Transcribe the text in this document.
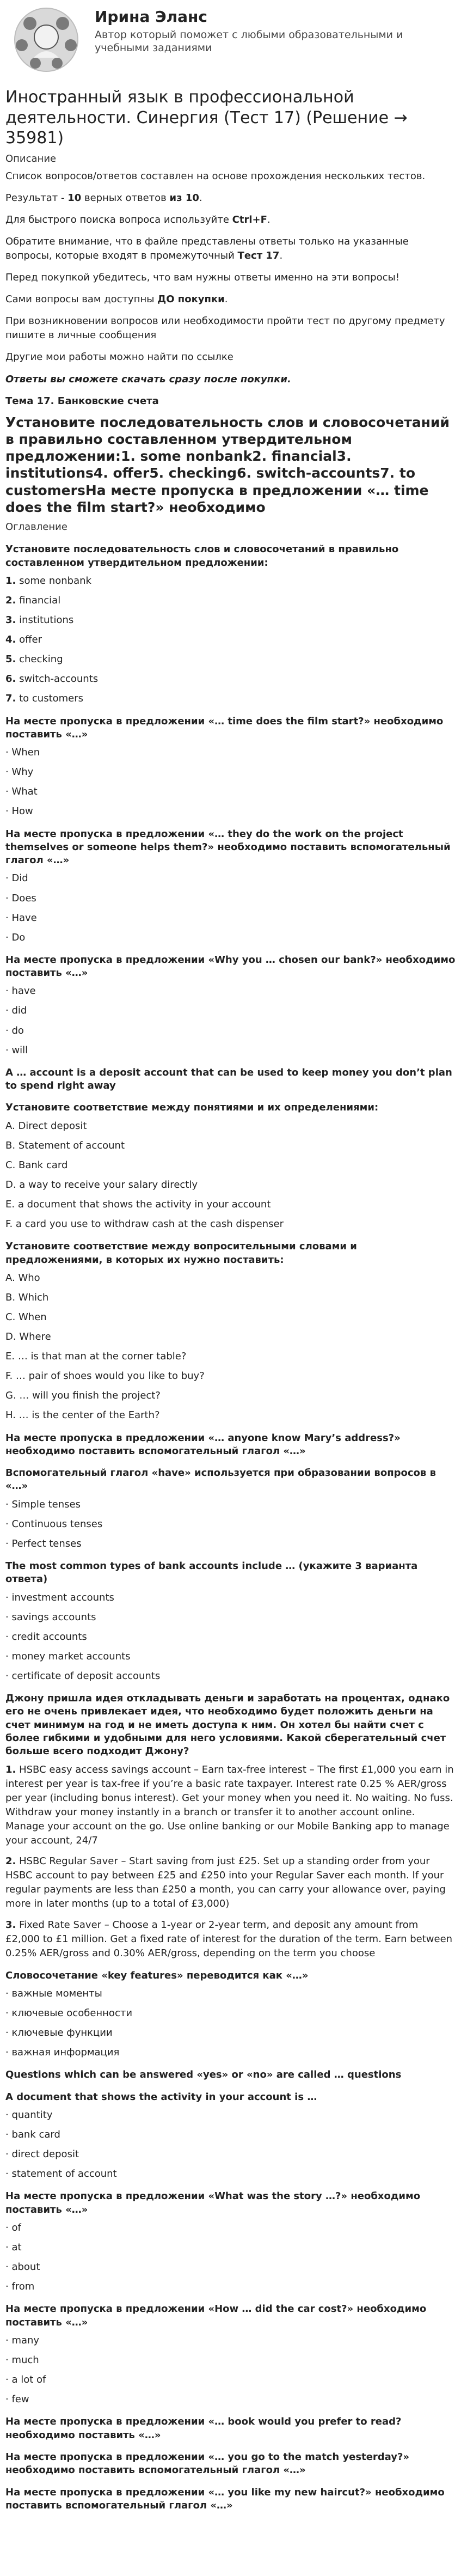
Ирина Эланс
Автор который поможет с любыми образовательными и учебными заданиями
Иностранный язык в профессиональной деятельности. Синергия (Тест 17) (Решение → 35981)
Описание
Список вопросов/ответов составлен на основе прохождения нескольких тестов.
Результат - 10 верных ответов из 10.
Для быстрого поиска вопроса используйте Ctrl+F.
Обратите внимание, что в файле представлены ответы только на указанные вопросы, которые входят в промежуточный Тест 17.
Перед покупкой убедитесь, что вам нужны ответы именно на эти вопросы!
Сами вопросы вам доступны ДО покупки.
При возникновении вопросов или необходимости пройти тест по другому предмету пишите в личные сообщения
Другие мои работы можно найти по ссылке
Ответы вы сможете скачать сразу после покупки.
Тема 17. Банковские счета
Установите последовательность слов и словосочетаний в правильно составленном утвердительном предложении:1. some nonbank2. financial3. institutions4. offer5. checking6. switch-accounts7. to customersНа месте пропуска в предложении «… time does the film start?» необходимо
Оглавление
Установите последовательность слов и словосочетаний в правильно составленном утвердительном предложении:
1. some nonbank
2. financial
3. institutions
4. offer
5. checking
6. switch-accounts
7. to customers
На месте пропуска в предложении «… time does the film start?» необходимо поставить «…»
· When
· Why
· What
· How
На месте пропуска в предложении «… they do the work on the project themselves or someone helps them?» необходимо поставить вспомогательный глагол «…»
· Did
· Does
· Have
· Do
На месте пропуска в предложении «Why you … chosen our bank?» необходимо поставить «…»
· have
· did
· do
· will
A … account is a deposit account that can be used to keep money you don’t plan to spend right away
Установите соответствие между понятиями и их определениями:
A. Direct deposit
B. Statement of account
C. Bank card
D. a way to receive your salary directly
E. a document that shows the activity in your account
F. a card you use to withdraw cash at the cash dispenser
Установите соответствие между вопросительными словами и предложениями, в которых их нужно поставить:
A. Who
B. Which
C. When
D. Where
E. … is that man at the corner table?
F. … pair of shoes would you like to buy?
G. … will you finish the project?
H. … is the center of the Earth?
На месте пропуска в предложении «… anyone know Mary’s address?» необходимо поставить вспомогательный глагол «…»
Вспомогательный глагол «have» используется при образовании вопросов в «…»
· Simple tenses
· Continuous tenses
· Perfect tenses
The most common types of bank accounts include … (укажите 3 варианта ответа)
· investment accounts
· savings accounts
· credit accounts
· money market accounts
· certificate of deposit accounts
Джону пришла идея откладывать деньги и заработать на процентах, однако его не очень привлекает идея, что необходимо будет положить деньги на счет минимум на год и не иметь доступа к ним. Он хотел бы найти счет с более гибкими и удобными для него условиями. Какой сберегательный счет больше всего подходит Джону?
1. HSBC easy access savings account – Earn tax-free interest – The first £1,000 you earn in interest per year is tax-free if you’re a basic rate taxpayer. Interest rate 0.25 % AER/gross per year (including bonus interest). Get your money when you need it. No waiting. No fuss. Withdraw your money instantly in a branch or transfer it to another account online. Manage your account on the go. Use online banking or our Mobile Banking app to manage your account, 24/7
2. HSBC Regular Saver – Start saving from just £25. Set up a standing order from your HSBC account to pay between £25 and £250 into your Regular Saver each month. If your regular payments are less than £250 a month, you can carry your allowance over, paying more in later months (up to a total of £3,000)
3. Fixed Rate Saver – Choose a 1-year or 2-year term, and deposit any amount from £2,000 to £1 million. Get a fixed rate of interest for the duration of the term. Earn between 0.25% AER/gross and 0.30% AER/gross, depending on the term you choose
Словосочетание «key features» переводится как «…»
· важные моменты
· ключевые особенности
· ключевые функции
· важная информация
Questions which can be answered «yes» or «no» are called … questions
A document that shows the activity in your account is …
· quantity
· bank card
· direct deposit
· statement of account
На месте пропуска в предложении «What was the story …?» необходимо поставить «…»
· of
· at
· about
· from
На месте пропуска в предложении «How … did the car cost?» необходимо поставить «…»
· many
· much
· a lot of
· few
На месте пропуска в предложении «… book would you prefer to read? необходимо поставить «…»
На месте пропуска в предложении «… you go to the match yesterday?» необходимо поставить вспомогательный глагол «…»
На месте пропуска в предложении «… you like my new haircut?» необходимо поставить вспомогательный глагол «…»
